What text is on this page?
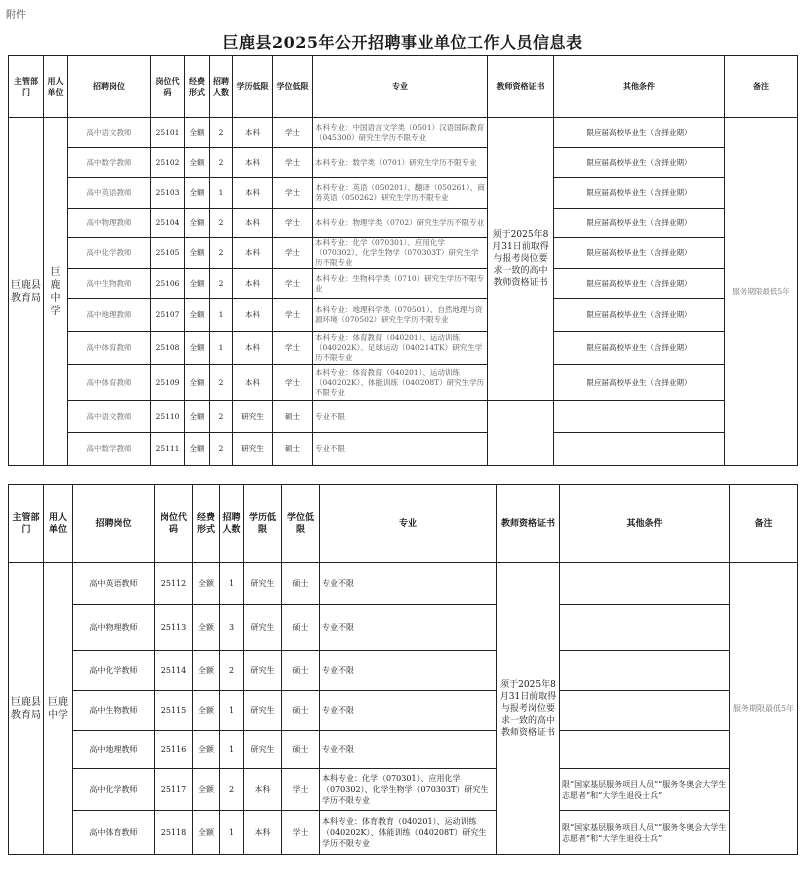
附件
巨鹿县2025年公开招聘事业单位工作人员信息表
主管部门	用人单位	招聘岗位	岗位代码	经费形式	招聘人数	学历低限	学位低限	专业	教师资格证书	其他条件	备注
巨鹿县教育局	巨鹿中学	高中语文教师	25101	全额	2	本科	学士	本科专业：中国语言文学类（0501）汉语国际教育（045300）研究生学历不限专业	须于2025年8月31日前取得与报考岗位要求一致的高中教师资格证书	限应届高校毕业生（含择业期）	服务期限最低5年
		高中数学教师	25102	全额	2	本科	学士	本科专业：数学类（0701）研究生学历不限专业		限应届高校毕业生（含择业期）	
		高中英语教师	25103	全额	1	本科	学士	本科专业：英语（050201）、翻译（050261）、商务英语（050262）研究生学历不限专业		限应届高校毕业生（含择业期）	
		高中物理教师	25104	全额	2	本科	学士	本科专业：物理学类（0702）研究生学历不限专业		限应届高校毕业生（含择业期）	
		高中化学教师	25105	全额	2	本科	学士	本科专业：化学（070301）、应用化学（070302）、化学生物学（070303T）研究生学历不限专业		限应届高校毕业生（含择业期）	
		高中生物教师	25106	全额	2	本科	学士	本科专业：生物科学类（0710）研究生学历不限专业		限应届高校毕业生（含择业期）	
		高中地理教师	25107	全额	1	本科	学士	本科专业：地理科学类（070501）、自然地理与资源环境（070502）研究生学历不限专业		限应届高校毕业生（含择业期）	
		高中体育教师	25108	全额	1	本科	学士	本科专业：体育教育（040201）、运动训练（040202K）、足球运动（040214TK）研究生学历不限专业		限应届高校毕业生（含择业期）	
		高中体育教师	25109	全额	2	本科	学士	本科专业：体育教育（040201）、运动训练（040202K）、体能训练（040208T）研究生学历不限专业		限应届高校毕业生（含择业期）	
		高中语文教师	25110	全额	2	研究生	硕士	专业不限			
		高中数学教师	25111	全额	2	研究生	硕士	专业不限			
主管部门	用人单位	招聘岗位	岗位代码	经费形式	招聘人数	学历低限	学位低限	专业	教师资格证书	其他条件	备注
巨鹿县教育局	巨鹿中学	高中英语教师	25112	全额	1	研究生	硕士	专业不限	须于2025年8月31日前取得与报考岗位要求一致的高中教师资格证书		服务期限最低5年
		高中物理教师	25113	全额	3	研究生	硕士	专业不限			
		高中化学教师	25114	全额	2	研究生	硕士	专业不限			
		高中生物教师	25115	全额	1	研究生	硕士	专业不限			
		高中地理教师	25116	全额	1	研究生	硕士	专业不限			
		高中化学教师	25117	全额	2	本科	学士	本科专业：化学（070301）、应用化学（070302）、化学生物学（070303T）研究生学历不限专业		限“国家基层服务项目人员”“服务冬奥会大学生志愿者”和“大学生退役士兵”	
		高中体育教师	25118	全额	1	本科	学士	本科专业：体育教育（040201）、运动训练（040202K）、体能训练（040208T）研究生学历不限专业		限“国家基层服务项目人员”“服务冬奥会大学生志愿者”和“大学生退役士兵”	
